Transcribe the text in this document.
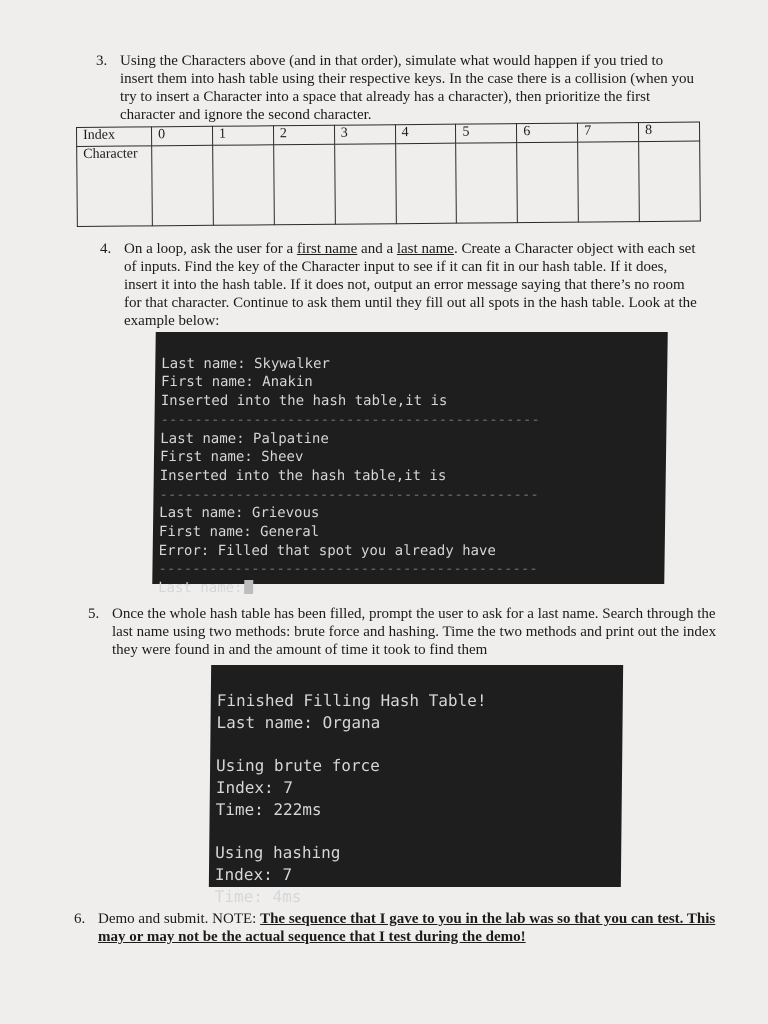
3. Using the Characters above (and in that order), simulate what would happen if you tried to insert them into hash table using their respective keys. In the case there is a collision (when you try to insert a Character into a space that already has a character), then prioritize the first character and ignore the second character.

Index	0	1	2	3	4	5	6	7	8
Character									
4. On a loop, ask the user for a first name and a last name. Create a Character object with each set of inputs. Find the key of the Character input to see if it can fit in our hash table. If it does, insert it into the hash table. If it does not, output an error message saying that there’s no room for that character. Continue to ask them until they fill out all spots in the hash table. Look at the example below:

Last name: Skywalker
First name: Anakin
Inserted into the hash table,it is
---------------------------------------------
Last name: Palpatine
First name: Sheev
Inserted into the hash table,it is
---------------------------------------------
Last name: Grievous
First name: General
Error: Filled that spot you already have
---------------------------------------------
Last name:

5. Once the whole hash table has been filled, prompt the user to ask for a last name. Search through the last name using two methods: brute force and hashing. Time the two methods and print out the index they were found in and the amount of time it took to find them

Finished Filling Hash Table!
Last name: Organa
Using brute force
Index: 7
Time: 222ms
Using hashing
Index: 7
Time: 4ms

6. Demo and submit. NOTE: The sequence that I gave to you in the lab was so that you can test. This may or may not be the actual sequence that I test during the demo!
